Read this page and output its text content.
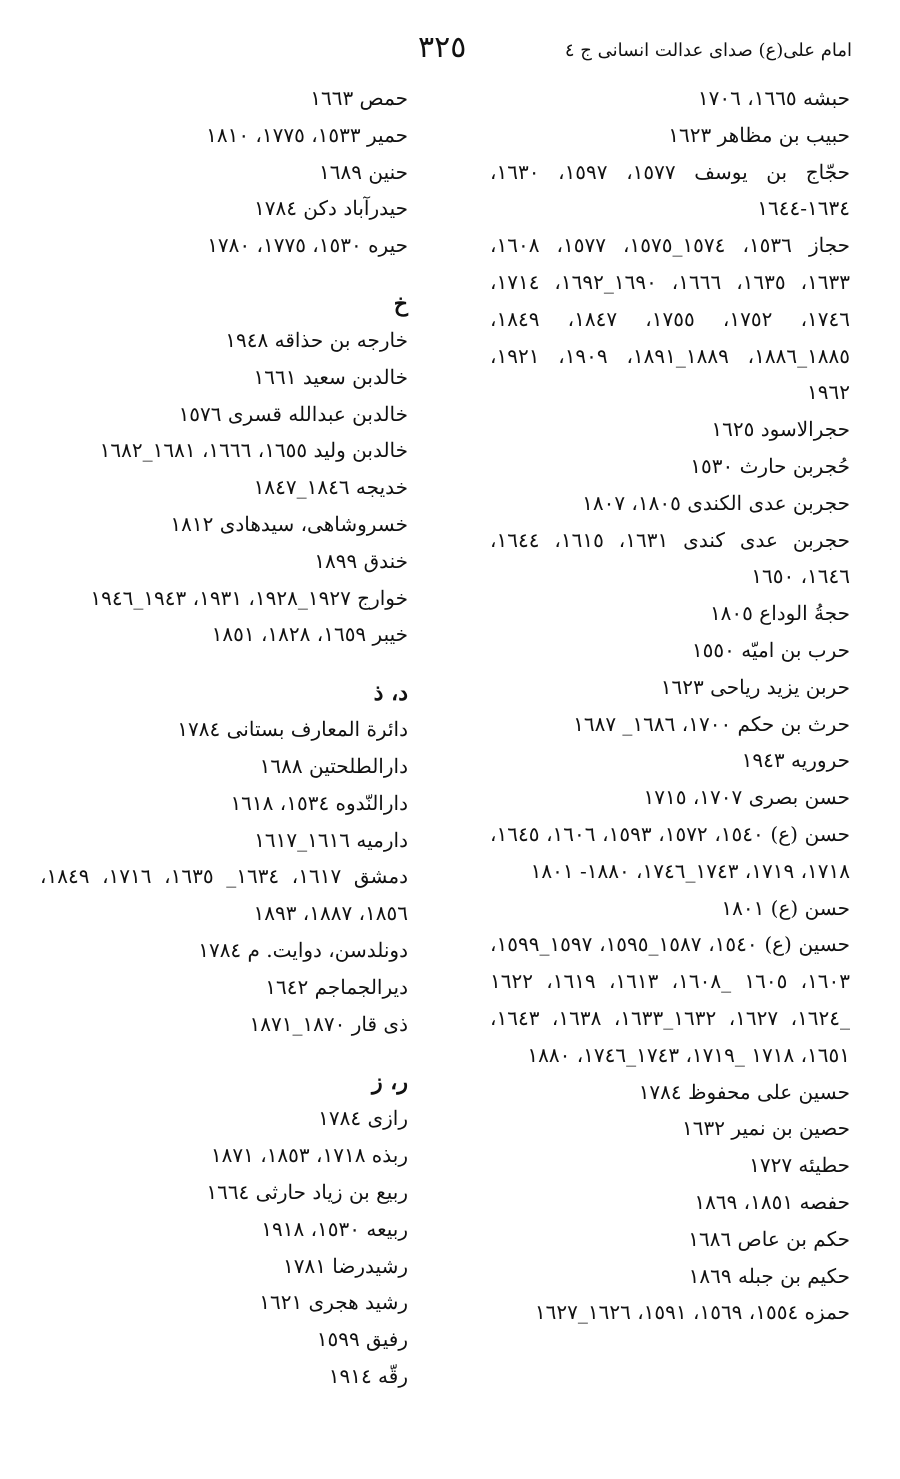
امام علی(ع) صدای عدالت انسانی ج ٤
٣٢٥
حبشه ١٦٦٥، ١٧٠٦
حبیب بن مظاهر ١٦٢٣
حجّاج بن یوسف ١٥٧٧، ١٥٩٧، ١٦٣٠، ١٦٣٤-١٦٤٤
حجاز ١٥٣٦، ١٥٧٤_١٥٧٥، ١٥٧٧، ١٦٠٨، ١٦٣٣، ١٦٣٥، ١٦٦٦، ١٦٩٠_١٦٩٢، ١٧١٤، ١٧٤٦، ١٧٥٢، ١٧٥٥، ١٨٤٧، ١٨٤٩، ١٨٨٥_١٨٨٦، ١٨٨٩_١٨٩١، ١٩٠٩، ١٩٢١، ١٩٦٢
حجرالاسود ١٦٢٥
حُجربن حارث ١٥٣٠
حجربن عدی الکندی ١٨٠٥، ١٨٠٧
حجربن عدی کندی ١٦٣١، ١٦١٥، ١٦٤٤، ١٦٤٦، ١٦٥٠
حجةُ الوداع ١٨٠٥
حرب بن امیّه ١٥٥٠
حربن یزید ریاحی ١٦٢٣
حرث بن حکم ١٧٠٠، ١٦٨٦_ ١٦٨٧
حروریه ١٩٤٣
حسن بصری ١٧٠٧، ١٧١٥
حسن (ع) ١٥٤٠، ١٥٧٢، ١٥٩٣، ١٦٠٦، ١٦٤٥، ١٧١٨، ١٧١٩، ١٧٤٣_١٧٤٦، ١٨٨٠- ١٨٠١
حسن (ع) ١٨٠١
حسین (ع) ١٥٤٠، ١٥٨٧_١٥٩٥، ١٥٩٧_١٥٩٩، ١٦٠٣، ١٦٠٥ _١٦٠٨، ١٦١٣، ١٦١٩، ١٦٢٢ _١٦٢٤، ١٦٢٧، ١٦٣٢_١٦٣٣، ١٦٣٨، ١٦٤٣، ١٦٥١، ١٧١٨ _١٧١٩، ١٧٤٣_١٧٤٦، ١٨٨٠
حسین علی محفوظ ١٧٨٤
حصین بن نمیر ١٦٣٢
حطیئه ١٧٢٧
حفصه ١٨٥١، ١٨٦٩
حکم بن عاص ١٦٨٦
حکیم بن جبله ١٨٦٩
حمزه ١٥٥٤، ١٥٦٩، ١٥٩١، ١٦٢٦_١٦٢٧
حمص ١٦٦٣
حمیر ١٥٣٣، ١٧٧٥، ١٨١٠
حنین ١٦٨٩
حیدرآباد دکن ١٧٨٤
حیره ١٥٣٠، ١٧٧٥، ١٧٨٠
خ
خارجه بن حذاقه ١٩٤٨
خالدبن سعید ١٦٦١
خالدبن عبدالله قسری ١٥٧٦
خالدبن ولید ١٦٥٥، ١٦٦٦، ١٦٨١_١٦٨٢
خدیجه ١٨٤٦_١٨٤٧
خسروشاهی، سیدهادی ١٨١٢
خندق ١٨٩٩
خوارج ١٩٢٧_١٩٢٨، ١٩٣١، ١٩٤٣_١٩٤٦
خیبر ١٦٥٩، ١٨٢٨، ١٨٥١
د، ذ
دائرة المعارف بستانی ١٧٨٤
دارالطلحتین ١٦٨٨
دارالنّدوه ١٥٣٤، ١٦١٨
دارمیه ١٦١٦_١٦١٧
دمشق ١٦١٧، ١٦٣٤_ ١٦٣٥، ١٧١٦، ١٨٤٩، ١٨٥٦، ١٨٨٧، ١٨٩٣
دونلدسن، دوایت. م ١٧٨٤
دیرالجماجم ١٦٤٢
ذی قار ١٨٧٠_١٨٧١
ر، ز
رازی ١٧٨٤
ربذه ١٧١٨، ١٨٥٣، ١٨٧١
ربیع بن زیاد حارثی ١٦٦٤
ربیعه ١٥٣٠، ١٩١٨
رشیدرضا ١٧٨١
رشید هجری ١٦٢١
رفیق ١٥٩٩
رقّه ١٩١٤
